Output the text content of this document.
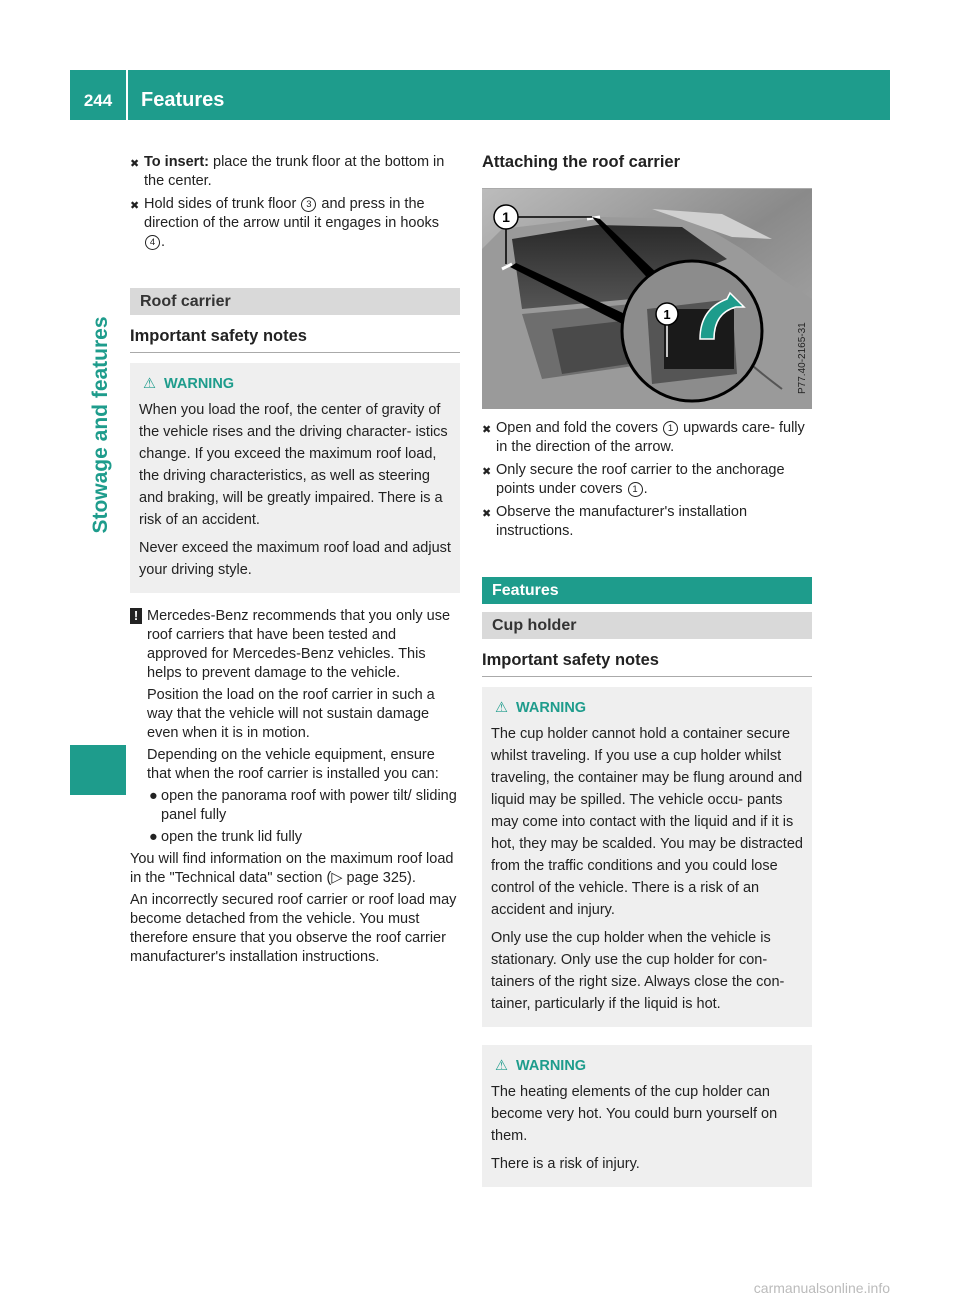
244	Features
Stowage and features
✖ To insert: place the trunk floor at the bottom in the center.
✖ Hold sides of trunk floor 3 and press in the direction of the arrow until it engages in hooks 4 .
Roof carrier
Important safety notes
⚠ WARNING

When you load the roof, the center of gravity of the vehicle rises and the driving character- istics change. If you exceed the maximum roof load, the driving characteristics, as well as steering and braking, will be greatly impaired. There is a risk of an accident.

Never exceed the maximum roof load and adjust your driving style.

! Mercedes-Benz recommends that you only use roof carriers that have been tested and approved for Mercedes-Benz vehicles. This helps to prevent damage to the vehicle.

Position the load on the roof carrier in such a way that the vehicle will not sustain damage even when it is in motion.

Depending on the vehicle equipment, ensure that when the roof carrier is installed you can:

● open the panorama roof with power tilt/ sliding panel fully
● open the trunk lid fully

You will find information on the maximum roof load in the "Technical data" section (▷ page 325).

An incorrectly secured roof carrier or roof load may become detached from the vehicle. You must therefore ensure that you observe the roof carrier manufacturer's installation instructions.

Attaching the roof carrier
1
1
P77.40-2165-31
✖ Open and fold the covers 1 upwards care- fully in the direction of the arrow.
✖ Only secure the roof carrier to the anchorage points under covers 1 .
✖ Observe the manufacturer's installation instructions.
Features
Cup holder
Important safety notes
⚠ WARNING

The cup holder cannot hold a container secure whilst traveling. If you use a cup holder whilst traveling, the container may be flung around and liquid may be spilled. The vehicle occu- pants may come into contact with the liquid and if it is hot, they may be scalded. You may be distracted from the traffic conditions and you could lose control of the vehicle. There is a risk of an accident and injury.

Only use the cup holder when the vehicle is stationary. Only use the cup holder for con- tainers of the right size. Always close the con- tainer, particularly if the liquid is hot.

⚠ WARNING

The heating elements of the cup holder can become very hot. You could burn yourself on them.

There is a risk of injury.

carmanualsonline.info
